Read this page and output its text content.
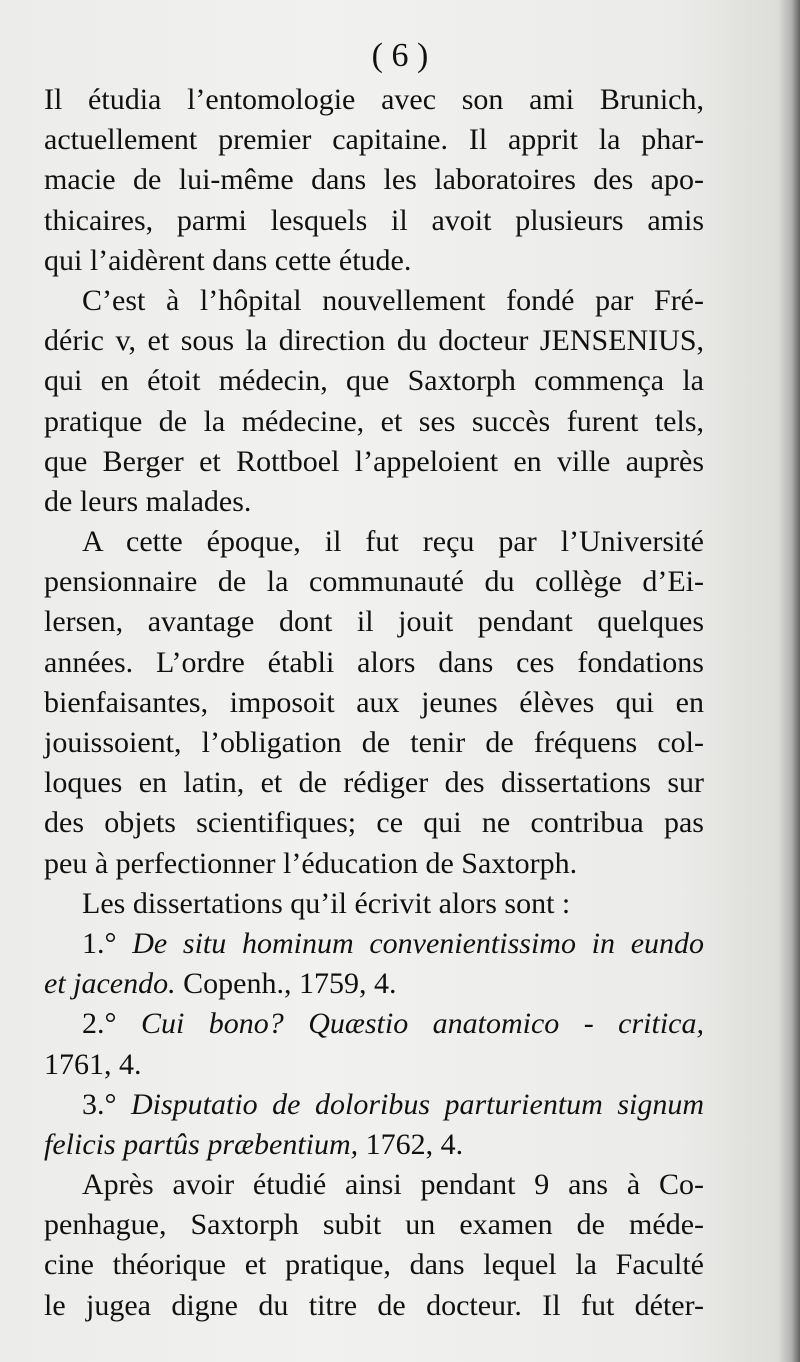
( 6 )
Il étudia l’entomologie avec son ami Brunich,
actuellement premier capitaine. Il apprit la phar-
macie de lui-même dans les laboratoires des apo-
thicaires, parmi lesquels il avoit plusieurs amis
qui l’aidèrent dans cette étude.
C’est à l’hôpital nouvellement fondé par Fré-
déric v, et sous la direction du docteur JENSENIUS,
qui en étoit médecin, que Saxtorph commença la
pratique de la médecine, et ses succès furent tels,
que Berger et Rottboel l’appeloient en ville auprès
de leurs malades.
A cette époque, il fut reçu par l’Université
pensionnaire de la communauté du collège d’Ei-
lersen, avantage dont il jouit pendant quelques
années. L’ordre établi alors dans ces fondations
bienfaisantes, imposoit aux jeunes élèves qui en
jouissoient, l’obligation de tenir de fréquens col-
loques en latin, et de rédiger des dissertations sur
des objets scientifiques; ce qui ne contribua pas
peu à perfectionner l’éducation de Saxtorph.
Les dissertations qu’il écrivit alors sont :
1.° De situ hominum convenientissimo in eundo
et jacendo. Copenh., 1759, 4.
2.° Cui bono? Quæstio anatomico - critica,
1761, 4.
3.° Disputatio de doloribus parturientum signum
felicis partûs præbentium, 1762, 4.
Après avoir étudié ainsi pendant 9 ans à Co-
penhague, Saxtorph subit un examen de méde-
cine théorique et pratique, dans lequel la Faculté
le jugea digne du titre de docteur. Il fut déter-
